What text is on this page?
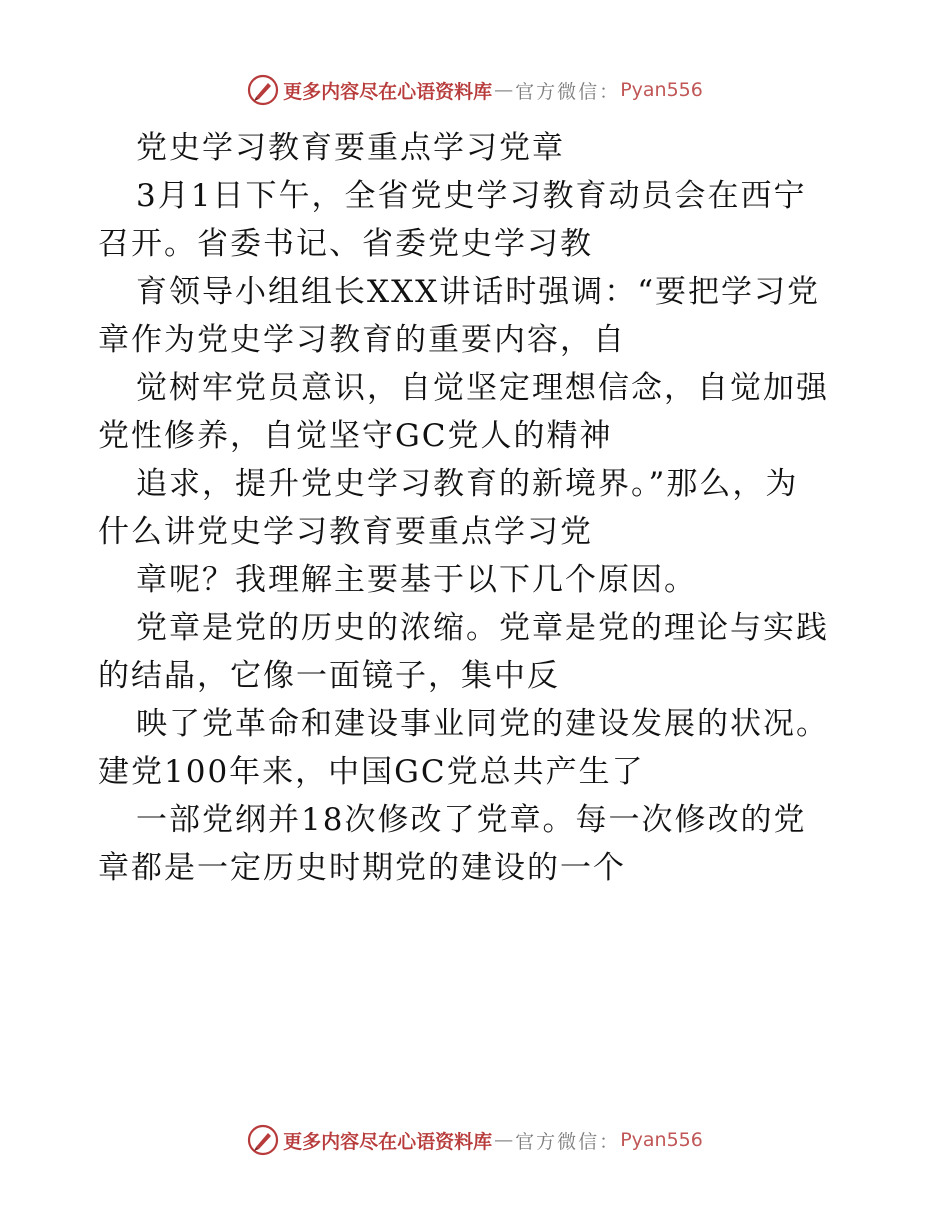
更多内容尽在心语资料库 — 官方微信： Pyan556
党史学习教育要重点学习党章
3月1日下午，全省党史学习教育动员会在西宁
召开。省委书记、省委党史学习教
育领导小组组长XXX讲话时强调：“要把学习党
章作为党史学习教育的重要内容，自
觉树牢党员意识，自觉坚定理想信念，自觉加强
党性修养，自觉坚守GC党人的精神
追求，提升党史学习教育的新境界。”那么，为
什么讲党史学习教育要重点学习党
章呢？我理解主要基于以下几个原因。
党章是党的历史的浓缩。党章是党的理论与实践
的结晶，它像一面镜子，集中反
映了党革命和建设事业同党的建设发展的状况。
建党100年来，中国GC党总共产生了
一部党纲并18次修改了党章。每一次修改的党
章都是一定历史时期党的建设的一个
更多内容尽在心语资料库 — 官方微信： Pyan556
